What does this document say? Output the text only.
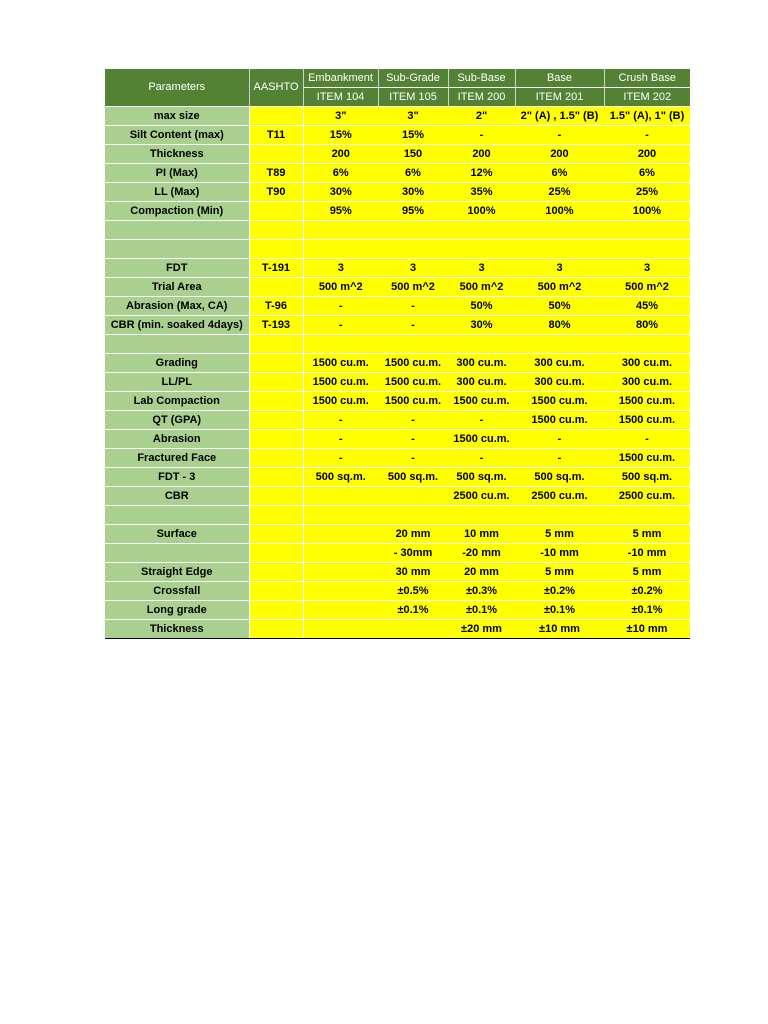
Parameters	AASHTO	Embankment	Sub-Grade	Sub-Base	Base	Crush Base
		ITEM 104	ITEM 105	ITEM 200	ITEM 201	ITEM 202
max size		3"	3"	2"	2" (A) , 1.5" (B)	1.5" (A), 1" (B)
Silt Content (max)	T11	15%	15%	-	-	-
Thickness		200	150	200	200	200
PI (Max)	T89	6%	6%	12%	6%	6%
LL (Max)	T90	30%	30%	35%	25%	25%
Compaction (Min)		95%	95%	100%	100%	100%

FDT	T-191	3	3	3	3	3
Trial Area		500 m^2	500 m^2	500 m^2	500 m^2	500 m^2
Abrasion (Max, CA)	T-96	-	-	50%	50%	45%
CBR (min. soaked 4days)	T-193	-	-	30%	80%	80%

Grading		1500 cu.m.	1500 cu.m.	300 cu.m.	300 cu.m.	300 cu.m.
LL/PL		1500 cu.m.	1500 cu.m.	300 cu.m.	300 cu.m.	300 cu.m.
Lab Compaction		1500 cu.m.	1500 cu.m.	1500 cu.m.	1500 cu.m.	1500 cu.m.
QT (GPA)		-	-	-	1500 cu.m.	1500 cu.m.
Abrasion		-	-	1500 cu.m.	-	-
Fractured Face		-	-	-	-	1500 cu.m.
FDT - 3		500 sq.m.	500 sq.m.	500 sq.m.	500 sq.m.	500 sq.m.
CBR				2500 cu.m.	2500 cu.m.	2500 cu.m.

Surface			20 mm	10 mm	5 mm	5 mm
			- 30mm	-20 mm	-10 mm	-10 mm
Straight Edge			30 mm	20 mm	5 mm	5 mm
Crossfall			±0.5%	±0.3%	±0.2%	±0.2%
Long grade			±0.1%	±0.1%	±0.1%	±0.1%
Thickness				±20 mm	±10 mm	±10 mm
